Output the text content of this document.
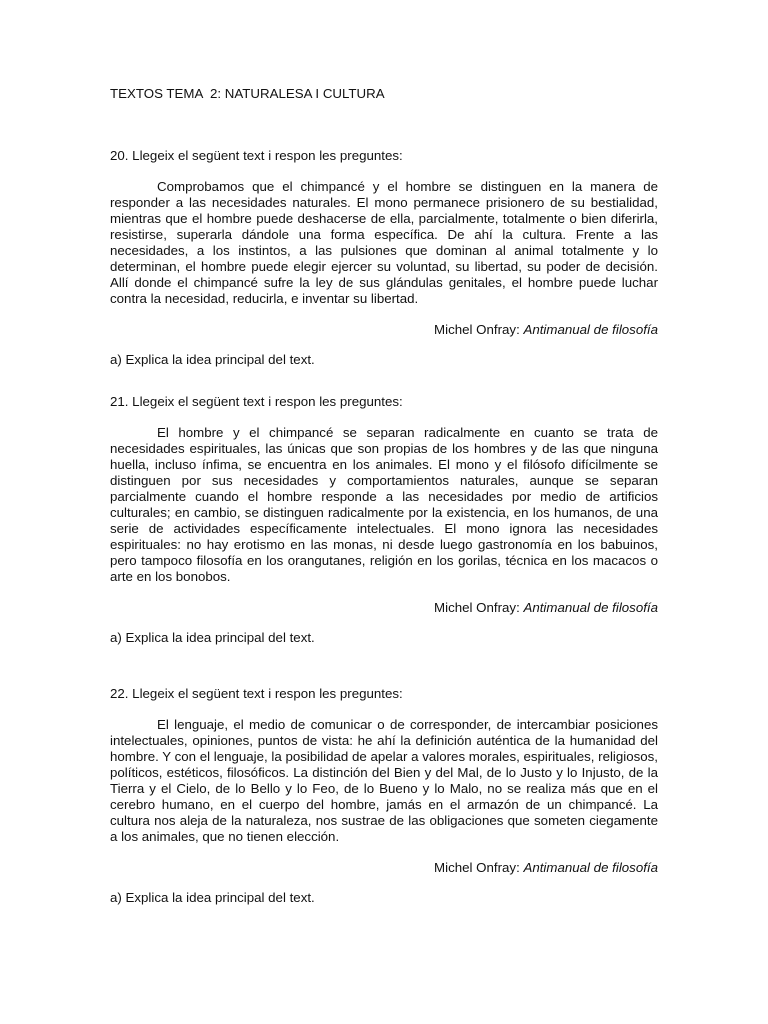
TEXTOS TEMA  2: NATURALESA I CULTURA
20. Llegeix el següent text i respon les preguntes:
Comprobamos que el chimpancé y el hombre se distinguen en la manera de responder a las necesidades naturales. El mono permanece prisionero de su bestialidad, mientras que el hombre puede deshacerse de ella, parcialmente, totalmente o bien diferirla, resistirse, superarla dándole una forma específica. De ahí la cultura. Frente a las necesidades, a los instintos, a las pulsiones que dominan al animal totalmente y lo determinan, el hombre puede elegir ejercer su voluntad, su libertad, su poder de decisión. Allí donde el chimpancé sufre la ley de sus glándulas genitales, el hombre puede luchar contra la necesidad, reducirla, e inventar su libertad.
Michel Onfray: Antimanual de filosofía
a) Explica la idea principal del text.
21. Llegeix el següent text i respon les preguntes:
El hombre y el chimpancé se separan radicalmente en cuanto se trata de necesidades espirituales, las únicas que son propias de los hombres y de las que ninguna huella, incluso ínfima, se encuentra en los animales. El mono y el filósofo difícilmente se distinguen por sus necesidades y comportamientos naturales, aunque se separan parcialmente cuando el hombre responde a las necesidades por medio de artificios culturales; en cambio, se distinguen radicalmente por la existencia, en los humanos, de una serie de actividades específicamente intelectuales. El mono ignora las necesidades espirituales: no hay erotismo en las monas, ni desde luego gastronomía en los babuinos, pero tampoco filosofía en los orangutanes, religión en los gorilas, técnica en los macacos o arte en los bonobos.
Michel Onfray: Antimanual de filosofía
a) Explica la idea principal del text.
22. Llegeix el següent text i respon les preguntes:
El lenguaje, el medio de comunicar o de corresponder, de intercambiar posiciones intelectuales, opiniones, puntos de vista: he ahí la definición auténtica de la humanidad del hombre. Y con el lenguaje, la posibilidad de apelar a valores morales, espirituales, religiosos, políticos, estéticos, filosóficos. La distinción del Bien y del Mal, de lo Justo y lo Injusto, de la Tierra y el Cielo, de lo Bello y lo Feo, de lo Bueno y lo Malo, no se realiza más que en el cerebro humano, en el cuerpo del hombre, jamás en el armazón de un chimpancé. La cultura nos aleja de la naturaleza, nos sustrae de las obligaciones que someten ciegamente a los animales, que no tienen elección.
Michel Onfray: Antimanual de filosofía
a) Explica la idea principal del text.
